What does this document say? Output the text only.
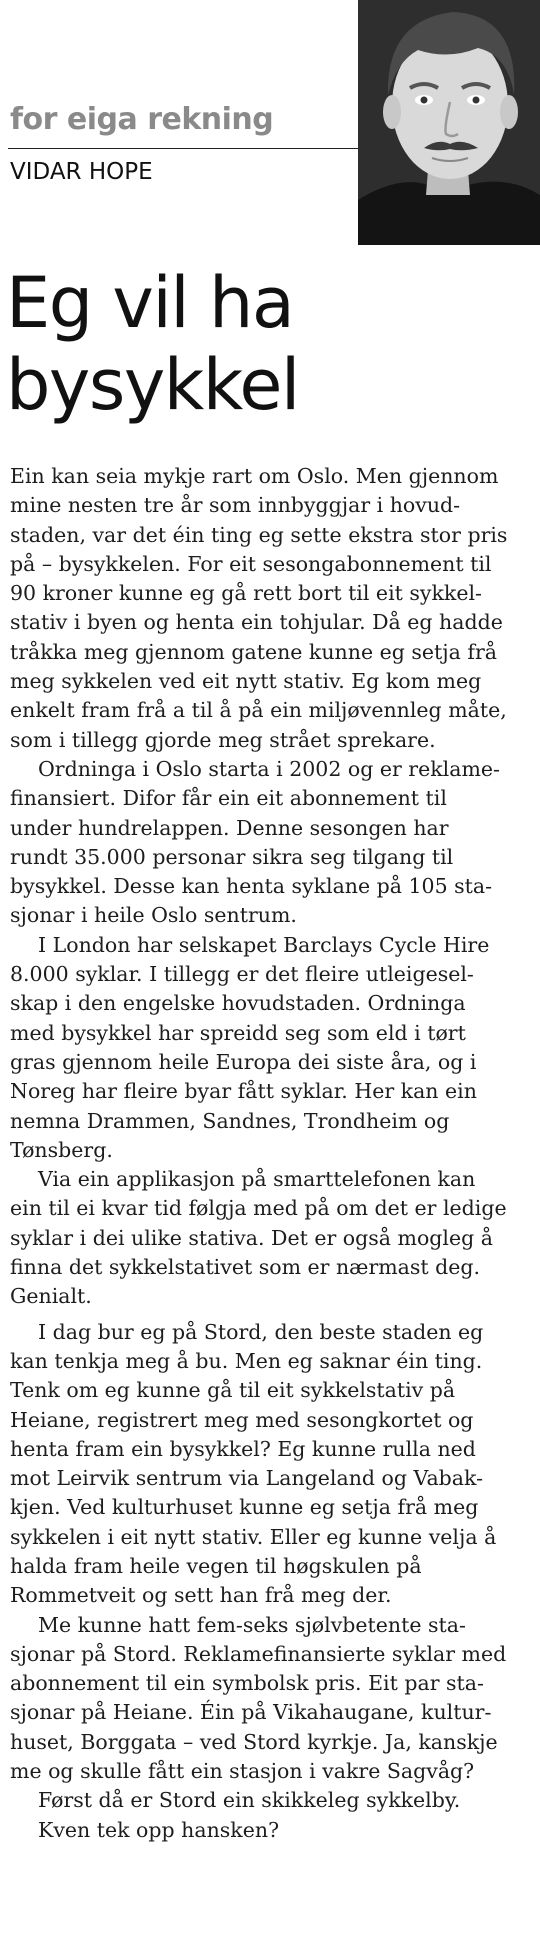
for eiga rekning
VIDAR HOPE
Eg vil ha
bysykkel
Ein kan seia mykje rart om Oslo. Men gjennom
mine nesten tre år som innbyggjar i hovud-
staden, var det éin ting eg sette ekstra stor pris
på – bysykkelen. For eit sesongabonnement til
90 kroner kunne eg gå rett bort til eit sykkel-
stativ i byen og henta ein tohjular. Då eg hadde
tråkka meg gjennom gatene kunne eg setja frå
meg sykkelen ved eit nytt stativ. Eg kom meg
enkelt fram frå a til å på ein miljøvennleg måte,
som i tillegg gjorde meg strået sprekare.
Ordninga i Oslo starta i 2002 og er reklame-
finansiert. Difor får ein eit abonnement til
under hundrelappen. Denne sesongen har
rundt 35.000 personar sikra seg tilgang til
bysykkel. Desse kan henta syklane på 105 sta-
sjonar i heile Oslo sentrum.
I London har selskapet Barclays Cycle Hire
8.000 syklar. I tillegg er det fleire utleigesel-
skap i den engelske hovudstaden. Ordninga
med bysykkel har spreidd seg som eld i tørt
gras gjennom heile Europa dei siste åra, og i
Noreg har fleire byar fått syklar. Her kan ein
nemna Drammen, Sandnes, Trondheim og
Tønsberg.
Via ein applikasjon på smarttelefonen kan
ein til ei kvar tid følgja med på om det er ledige
syklar i dei ulike stativa. Det er også mogleg å
finna det sykkelstativet som er nærmast deg.
Genialt.
I dag bur eg på Stord, den beste staden eg
kan tenkja meg å bu. Men eg saknar éin ting.
Tenk om eg kunne gå til eit sykkelstativ på
Heiane, registrert meg med sesongkortet og
henta fram ein bysykkel? Eg kunne rulla ned
mot Leirvik sentrum via Langeland og Vabak-
kjen. Ved kulturhuset kunne eg setja frå meg
sykkelen i eit nytt stativ. Eller eg kunne velja å
halda fram heile vegen til høgskulen på
Rommetveit og sett han frå meg der.
Me kunne hatt fem-seks sjølvbetente sta-
sjonar på Stord. Reklamefinansierte syklar med
abonnement til ein symbolsk pris. Eit par sta-
sjonar på Heiane. Éin på Vikahaugane, kultur-
huset, Borggata – ved Stord kyrkje. Ja, kanskje
me og skulle fått ein stasjon i vakre Sagvåg?
Først då er Stord ein skikkeleg sykkelby.
Kven tek opp hansken?
